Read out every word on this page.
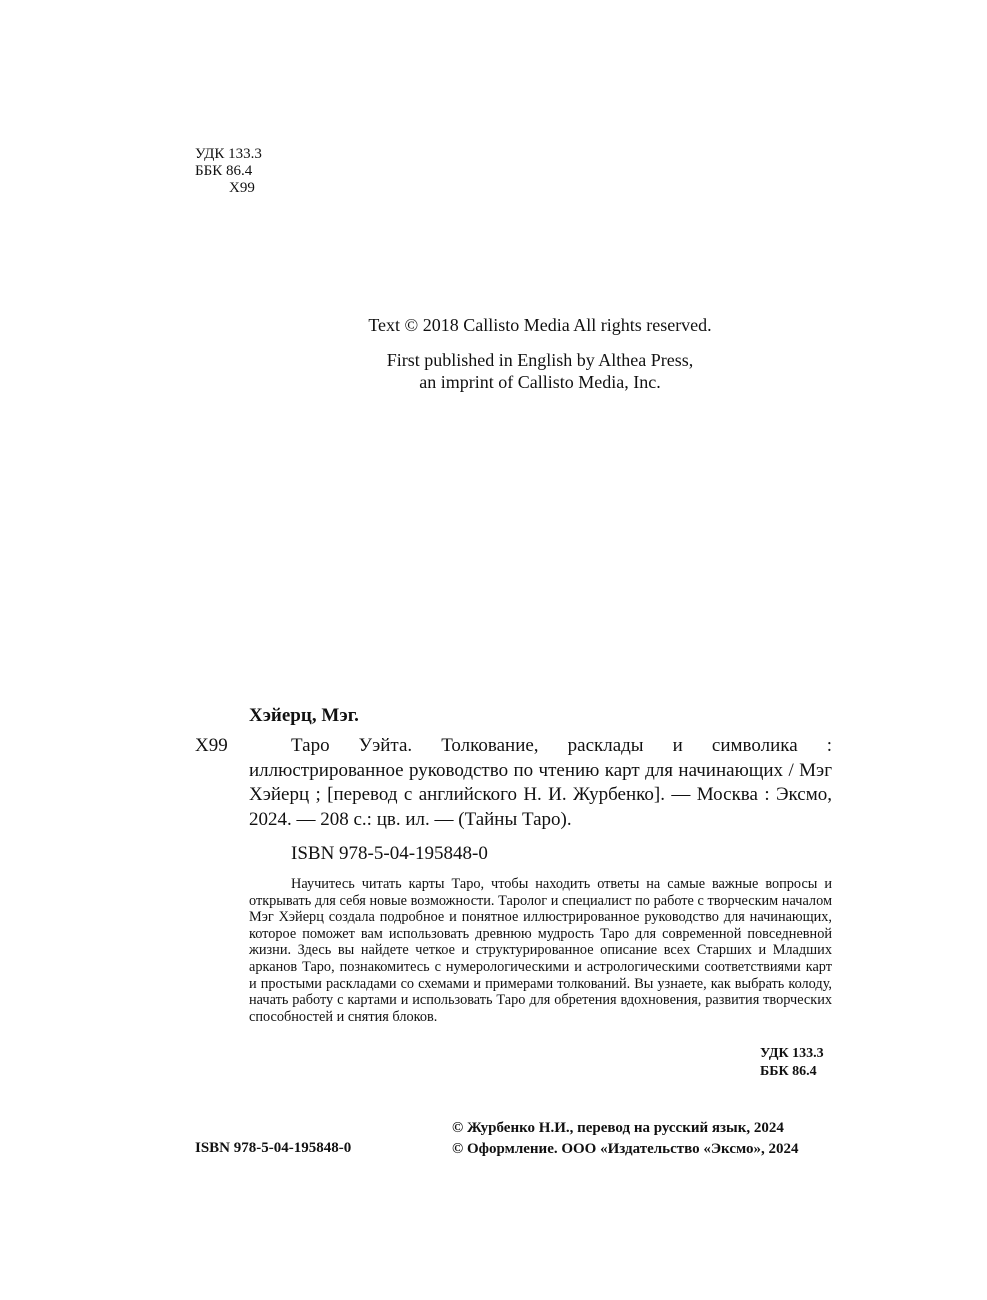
УДК 133.3
ББК 86.4
Х99
Text © 2018 Callisto Media All rights reserved.
First published in English by Althea Press,
an imprint of Callisto Media, Inc.
Хэйерц, Мэг.
Х99	Таро Уэйта. Толкование, расклады и символика : иллюстрированное руководство по чтению карт для начинающих / Мэг Хэйерц ; [перевод с английского Н. И. Журбенко]. — Москва : Эксмо, 2024. — 208 с.: цв. ил. — (Тайны Таро).
ISBN 978-5-04-195848-0
Научитесь читать карты Таро, чтобы находить ответы на самые важные вопросы и открывать для себя новые возможности. Таролог и специалист по работе с творческим началом Мэг Хэйерц создала подробное и понятное иллюстрированное руководство для начинающих, которое поможет вам использовать древнюю мудрость Таро для современной повседневной жизни. Здесь вы найдете четкое и структурированное описание всех Старших и Младших арканов Таро, познакомитесь с нумерологическими и астрологическими соответствиями карт и простыми раскладами со схемами и примерами толкований. Вы узнаете, как выбрать колоду, начать работу с картами и использовать Таро для обретения вдохновения, развития творческих способностей и снятия блоков.
УДК 133.3
ББК 86.4
ISBN 978-5-04-195848-0
© Журбенко Н.И., перевод на русский язык, 2024
© Оформление. ООО «Издательство «Эксмо», 2024
